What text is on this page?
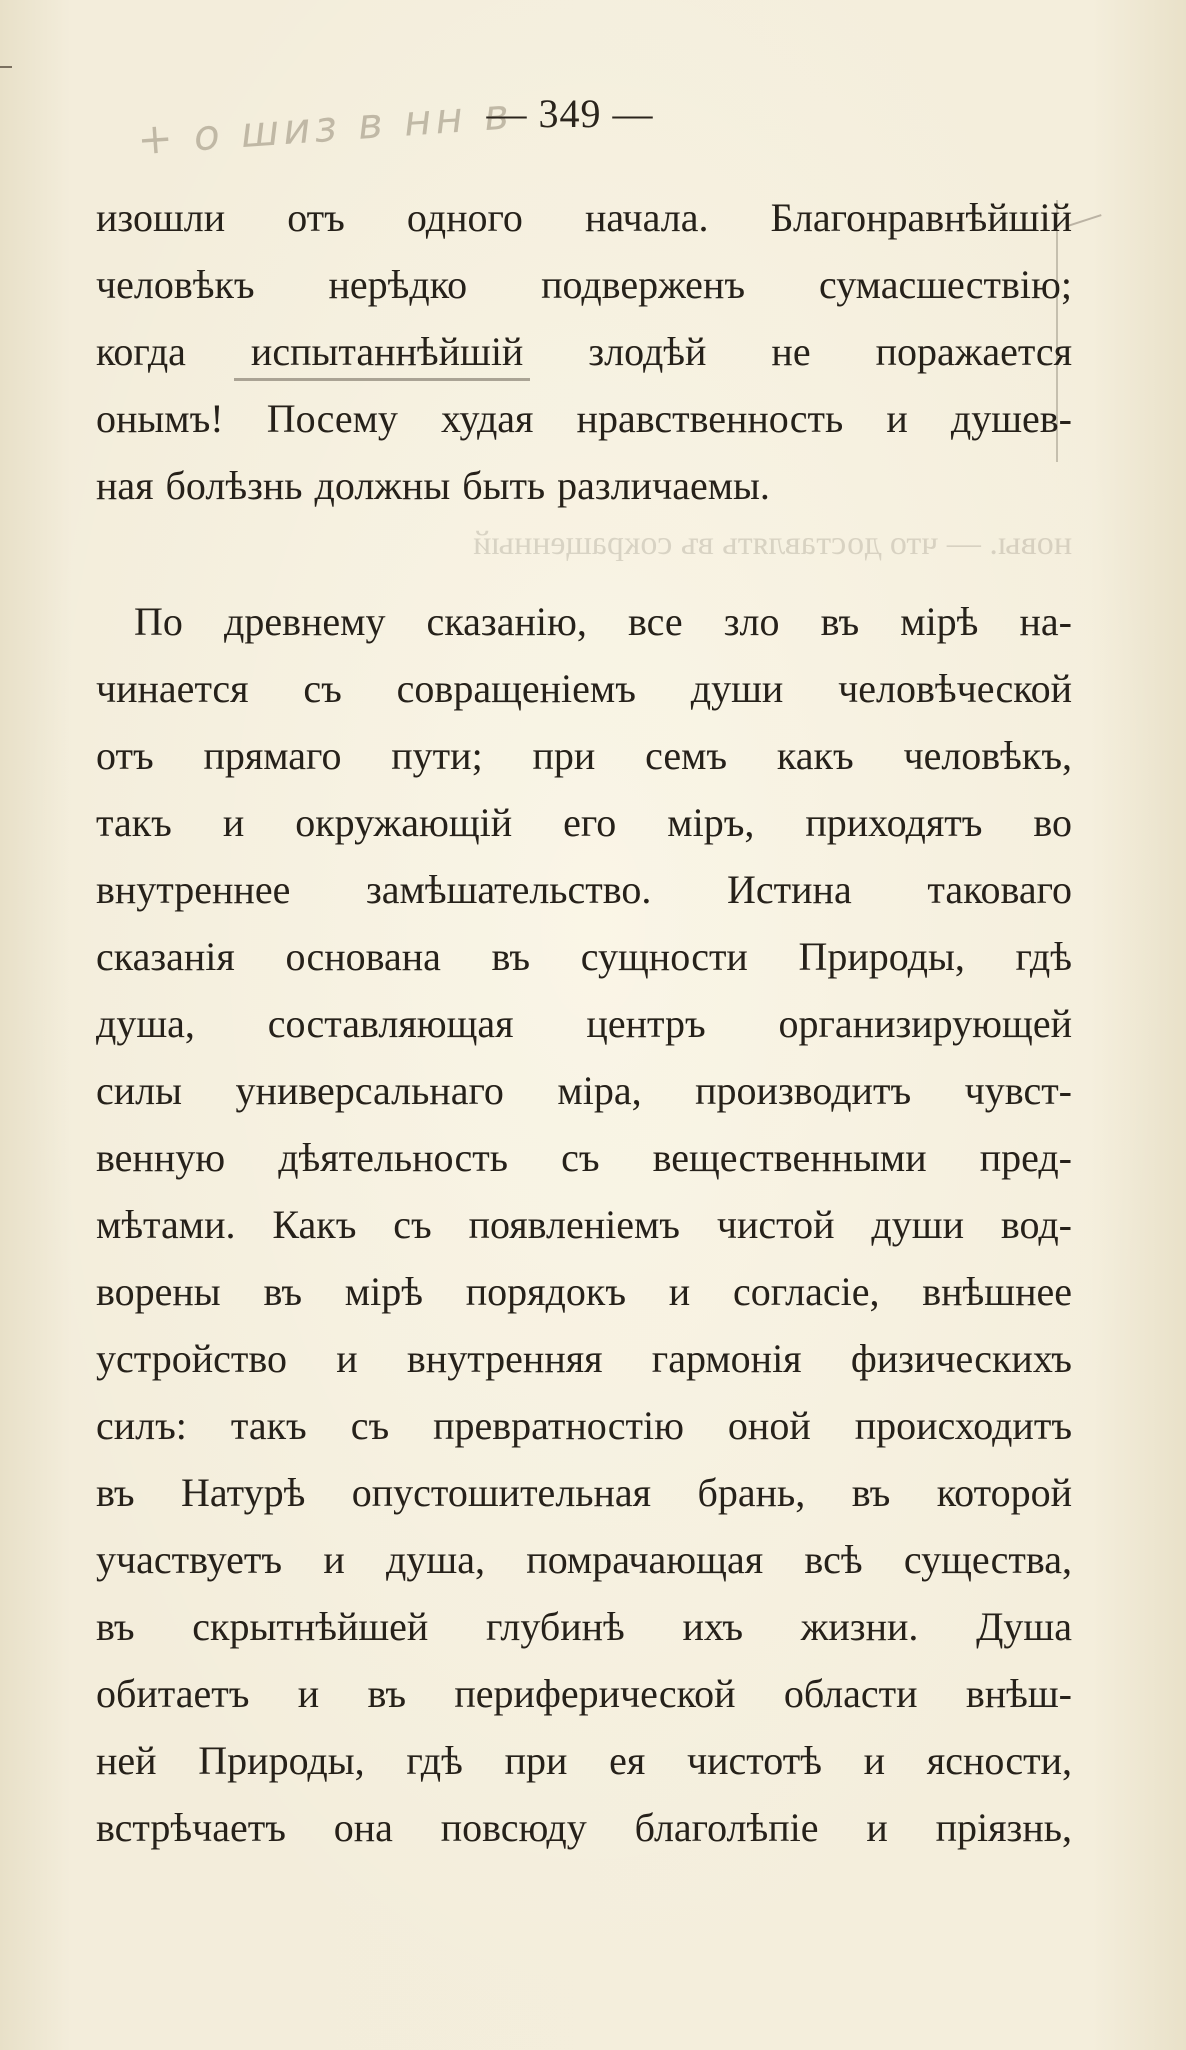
+ о шиз в нн в
— 349 —
изошли отъ одного начала. Благонравнѣйшій
человѣкъ нерѣдко подверженъ сумасшествію;
когда испытаннѣйшій злодѣй не поражается
онымъ! Посему худая нравственность и душев-
ная болѣзнь должны быть различаемы.
новы. — что доставлять въ сокращенный
По древнему сказанію, все зло въ мірѣ на-
чинается съ совращеніемъ души человѣческой
отъ прямаго пути; при семъ какъ человѣкъ,
такъ и окружающій его міръ, приходятъ во
внутреннее замѣшательство. Истина таковаго
сказанія основана въ сущности Природы, гдѣ
душа, составляющая центръ организирующей
силы универсальнаго міра, производитъ чувст-
венную дѣятельность съ вещественными пред-
мѣтами. Какъ съ появленіемъ чистой души вод-
ворены въ мірѣ порядокъ и согласіе, внѣшнее
устройство и внутренняя гармонія физическихъ
силъ: такъ съ превратностію оной происходитъ
въ Натурѣ опустошительная брань, въ которой
участвуетъ и душа, помрачающая всѣ существа,
въ скрытнѣйшей глубинѣ ихъ жизни. Душа
обитаетъ и въ периферической области внѣш-
ней Природы, гдѣ при ея чистотѣ и ясности,
встрѣчаетъ она повсюду благолѣпіе и пріязнь,
